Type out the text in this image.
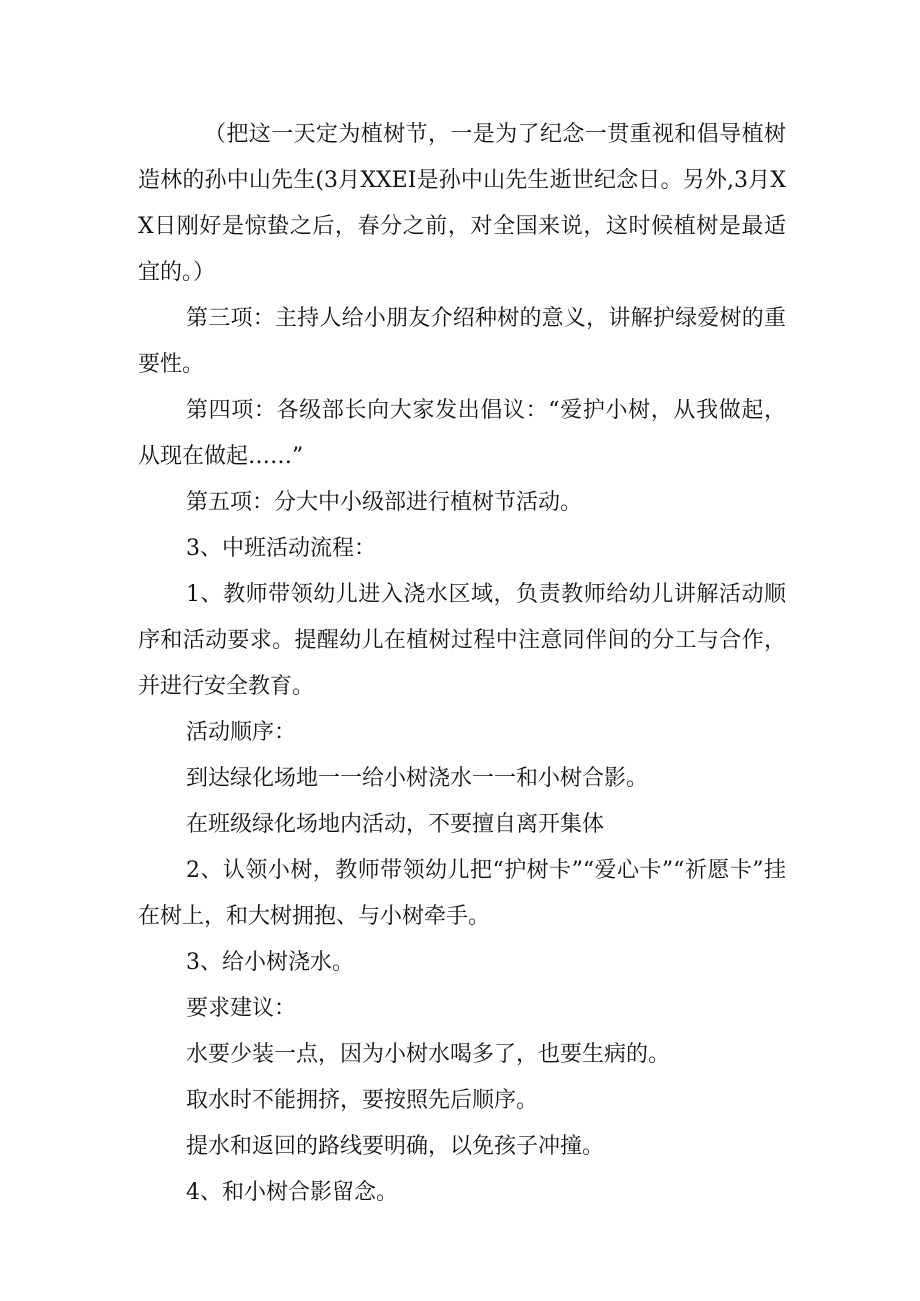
（把这一天定为植树节，一是为了纪念一贯重视和倡导植树造林的孙中山先生(3月XXEI是孙中山先生逝世纪念日。另外,3月XX日刚好是惊蛰之后，春分之前，对全国来说，这时候植树是最适宜的。）

第三项：主持人给小朋友介绍种树的意义，讲解护绿爱树的重要性。

第四项：各级部长向大家发出倡议：“爱护小树，从我做起，从现在做起……”

第五项：分大中小级部进行植树节活动。

3、中班活动流程：

1、教师带领幼儿进入浇水区域，负责教师给幼儿讲解活动顺序和活动要求。提醒幼儿在植树过程中注意同伴间的分工与合作，并进行安全教育。

活动顺序：

到达绿化场地一一给小树浇水一一和小树合影。

在班级绿化场地内活动，不要擅自离开集体

2、认领小树，教师带领幼儿把“护树卡”“爱心卡”“祈愿卡”挂在树上，和大树拥抱、与小树牵手。

3、给小树浇水。

要求建议：

水要少装一点，因为小树水喝多了，也要生病的。

取水时不能拥挤，要按照先后顺序。

提水和返回的路线要明确，以免孩子冲撞。

4、和小树合影留念。
